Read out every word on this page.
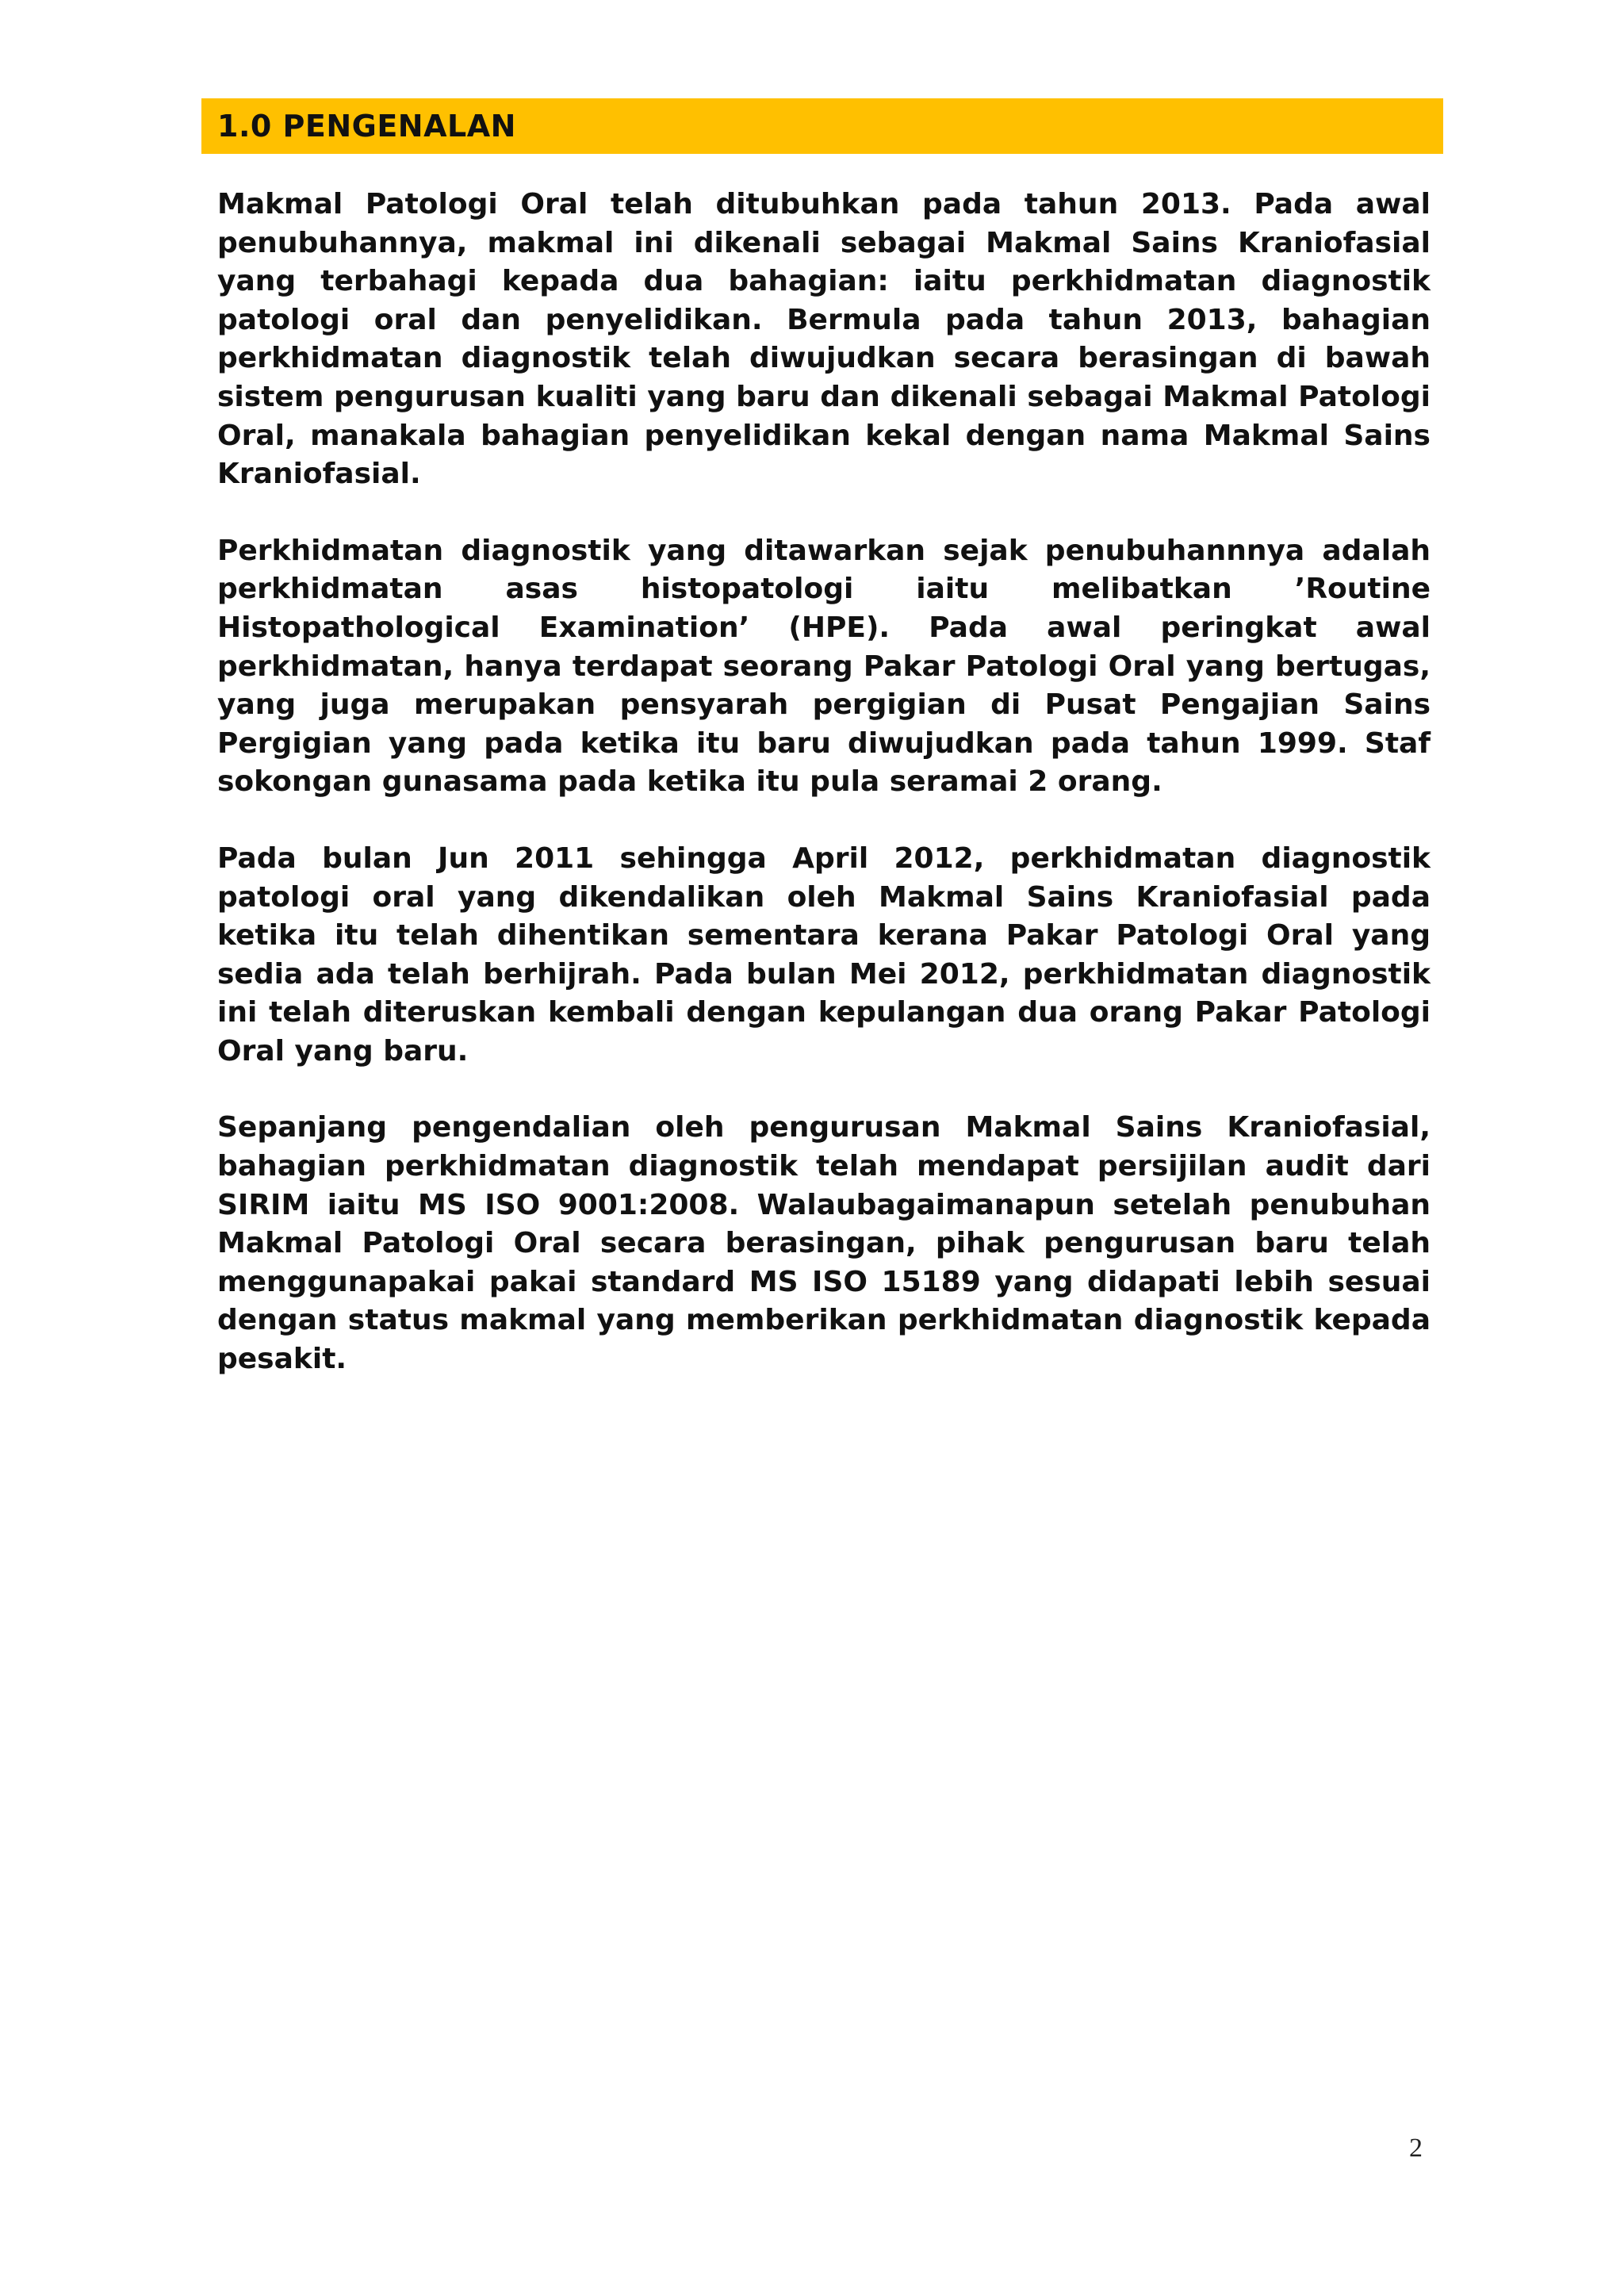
1.0 PENGENALAN

Makmal Patologi Oral telah ditubuhkan pada tahun 2013. Pada awal penubuhannya, makmal ini dikenali sebagai Makmal Sains Kraniofasial yang terbahagi kepada dua bahagian: iaitu perkhidmatan diagnostik patologi oral dan penyelidikan. Bermula pada tahun 2013, bahagian perkhidmatan diagnostik telah diwujudkan secara berasingan di bawah sistem pengurusan kualiti yang baru dan dikenali sebagai Makmal Patologi Oral, manakala bahagian penyelidikan kekal dengan nama Makmal Sains Kraniofasial.

Perkhidmatan diagnostik yang ditawarkan sejak penubuhannnya adalah perkhidmatan asas histopatologi iaitu melibatkan ’Routine Histopathological Examination’ (HPE). Pada awal peringkat awal perkhidmatan, hanya terdapat seorang Pakar Patologi Oral yang bertugas, yang juga merupakan pensyarah pergigian di Pusat Pengajian Sains Pergigian yang pada ketika itu baru diwujudkan pada tahun 1999. Staf sokongan gunasama pada ketika itu pula seramai 2 orang.

Pada bulan Jun 2011 sehingga April 2012, perkhidmatan diagnostik patologi oral yang dikendalikan oleh Makmal Sains Kraniofasial pada ketika itu telah dihentikan sementara kerana Pakar Patologi Oral yang sedia ada telah berhijrah. Pada bulan Mei 2012, perkhidmatan diagnostik ini telah diteruskan kembali dengan kepulangan dua orang Pakar Patologi Oral yang baru.

Sepanjang pengendalian oleh pengurusan Makmal Sains Kraniofasial, bahagian perkhidmatan diagnostik telah mendapat persijilan audit dari SIRIM iaitu MS ISO 9001:2008. Walaubagaimanapun setelah penubuhan Makmal Patologi Oral secara berasingan, pihak pengurusan baru telah menggunapakai pakai standard MS ISO 15189 yang didapati lebih sesuai dengan status makmal yang memberikan perkhidmatan diagnostik kepada pesakit.

2
